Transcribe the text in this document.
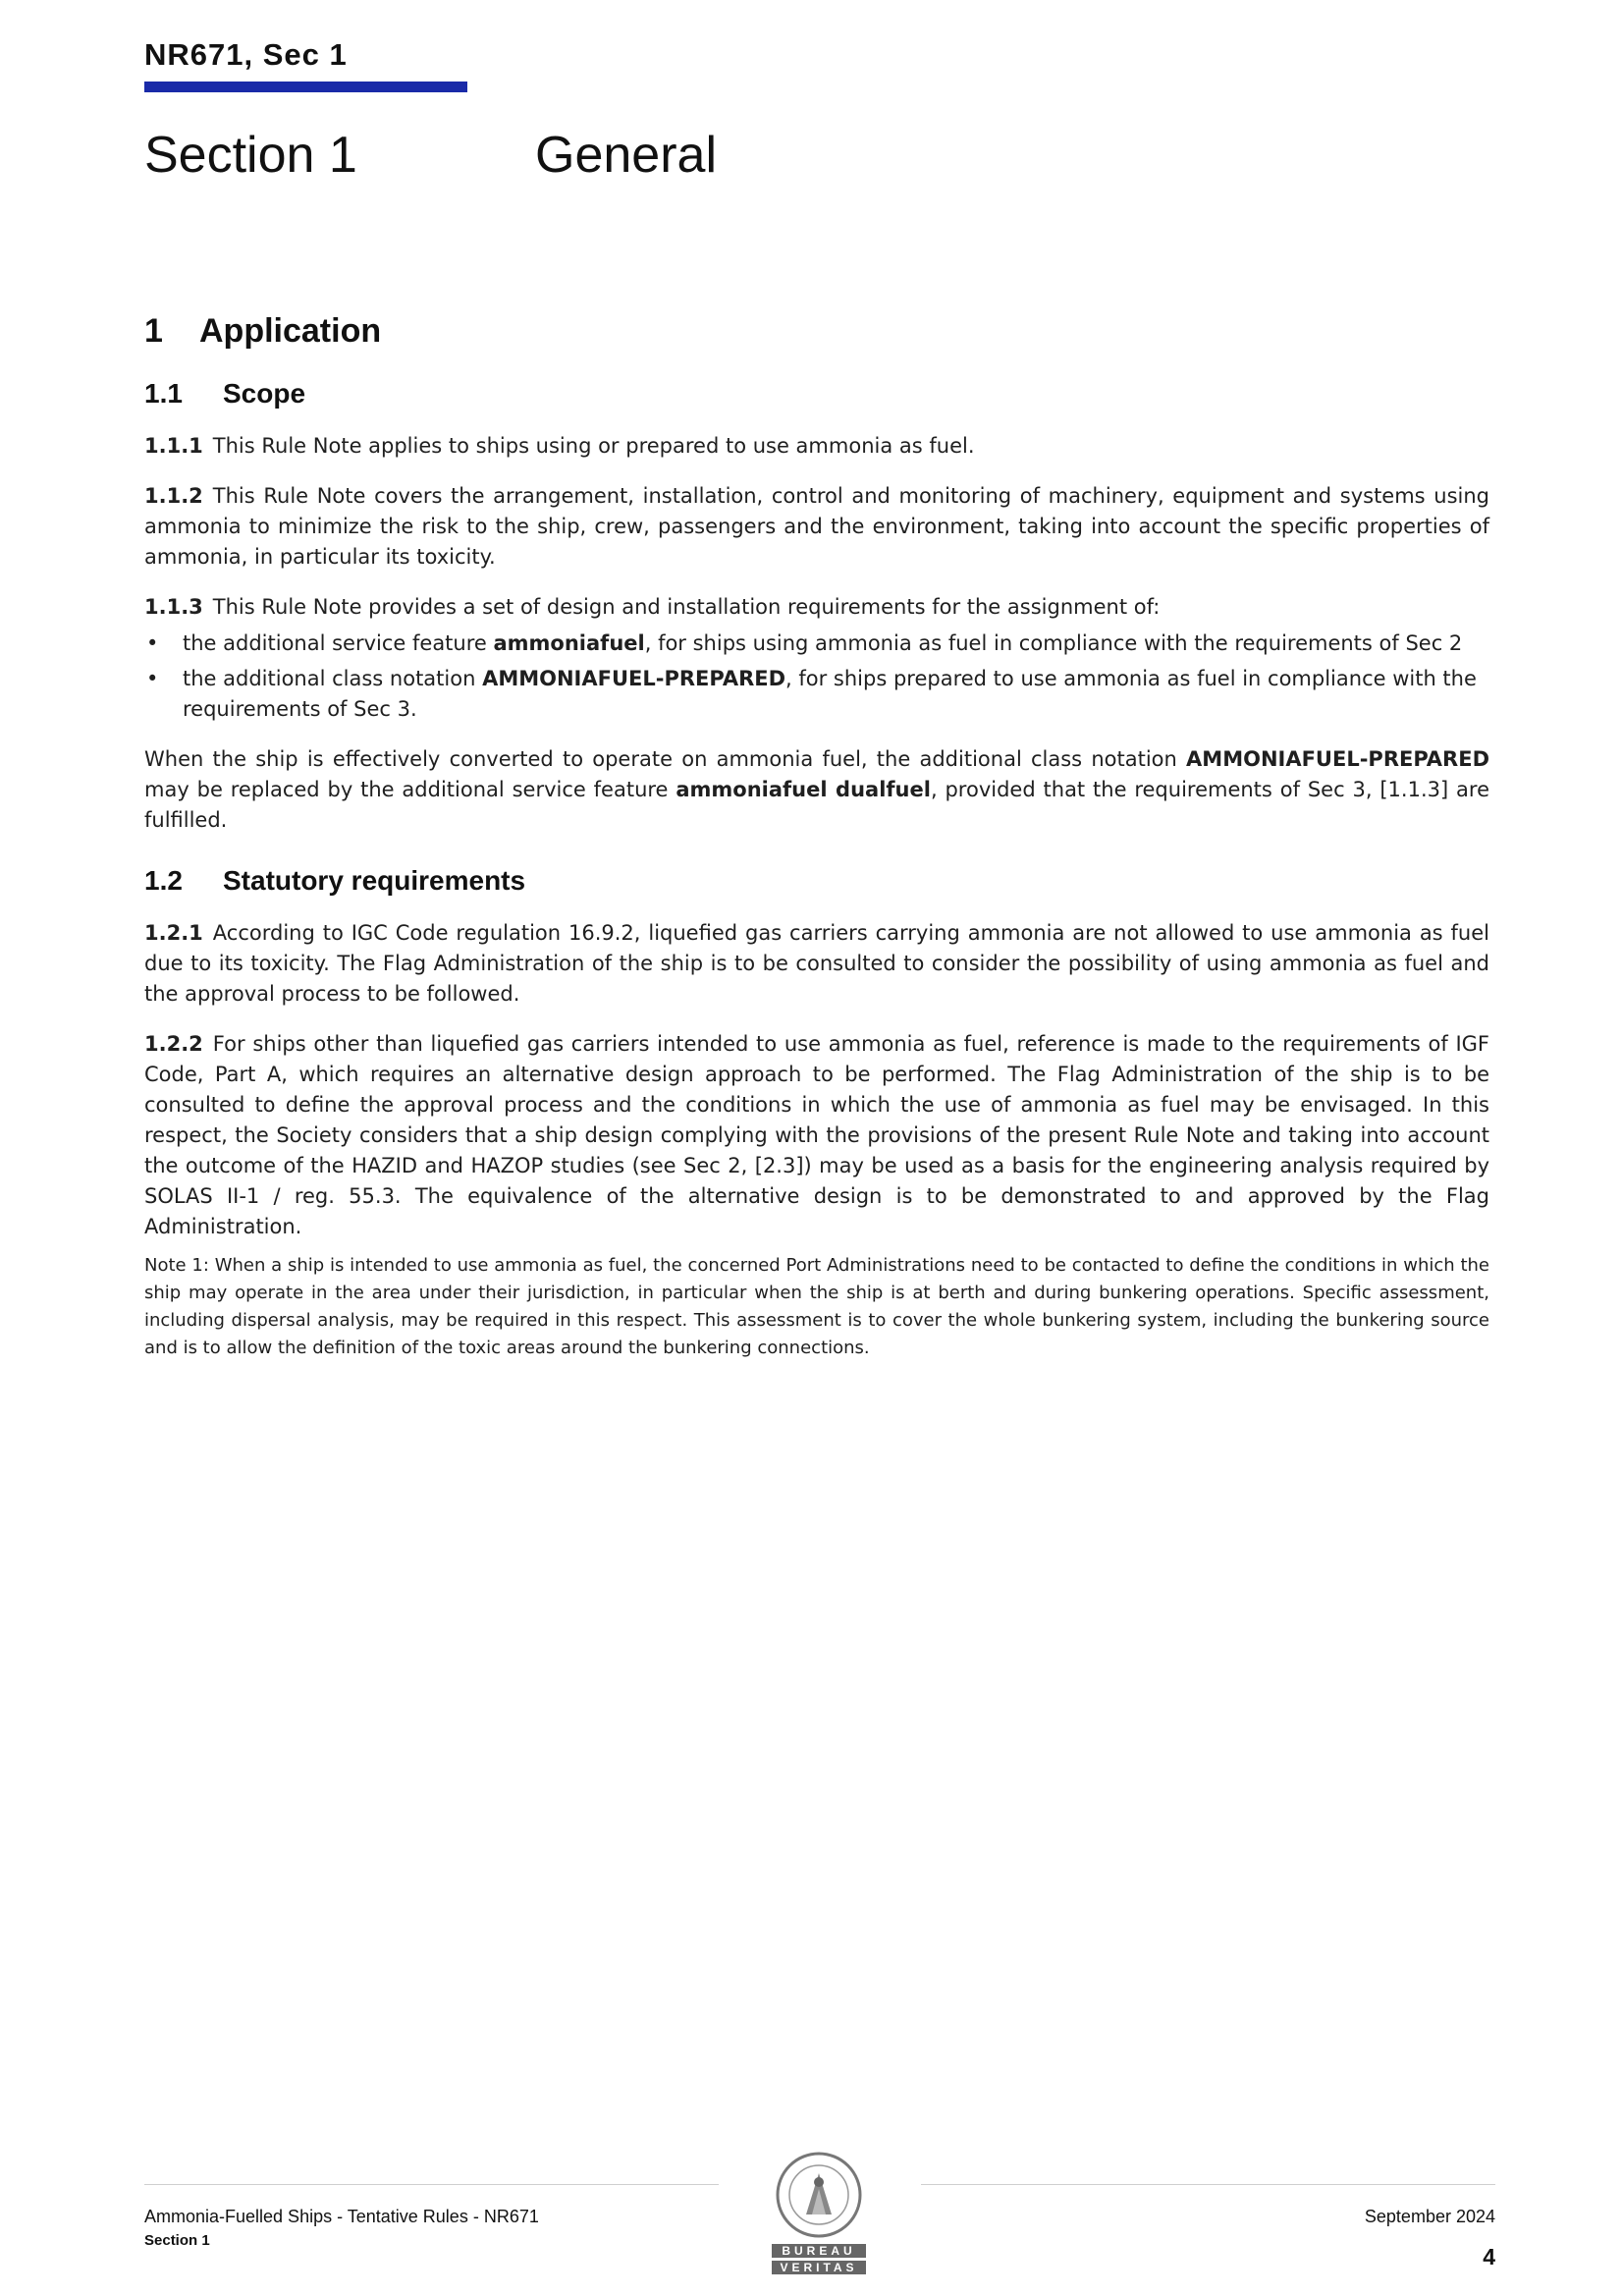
NR671, Sec 1
Section 1	General
1	Application
1.1	Scope

1.1.1 This Rule Note applies to ships using or prepared to use ammonia as fuel.

1.1.2 This Rule Note covers the arrangement, installation, control and monitoring of machinery, equipment and systems using ammonia to minimize the risk to the ship, crew, passengers and the environment, taking into account the specific properties of ammonia, in particular its toxicity.

1.1.3 This Rule Note provides a set of design and installation requirements for the assignment of:

• the additional service feature ammoniafuel, for ships using ammonia as fuel in compliance with the requirements of Sec 2
• the additional class notation AMMONIAFUEL-PREPARED, for ships prepared to use ammonia as fuel in compliance with the requirements of Sec 3.

When the ship is effectively converted to operate on ammonia fuel, the additional class notation AMMONIAFUEL-PREPARED may be replaced by the additional service feature ammoniafuel dualfuel, provided that the requirements of Sec 3, [1.1.3] are fulfilled.

1.2	Statutory requirements

1.2.1 According to IGC Code regulation 16.9.2, liquefied gas carriers carrying ammonia are not allowed to use ammonia as fuel due to its toxicity. The Flag Administration of the ship is to be consulted to consider the possibility of using ammonia as fuel and the approval process to be followed.

1.2.2 For ships other than liquefied gas carriers intended to use ammonia as fuel, reference is made to the requirements of IGF Code, Part A, which requires an alternative design approach to be performed. The Flag Administration of the ship is to be consulted to define the approval process and the conditions in which the use of ammonia as fuel may be envisaged. In this respect, the Society considers that a ship design complying with the provisions of the present Rule Note and taking into account the outcome of the HAZID and HAZOP studies (see Sec 2, [2.3]) may be used as a basis for the engineering analysis required by SOLAS II-1 / reg. 55.3. The equivalence of the alternative design is to be demonstrated to and approved by the Flag Administration.

Note 1: When a ship is intended to use ammonia as fuel, the concerned Port Administrations need to be contacted to define the conditions in which the ship may operate in the area under their jurisdiction, in particular when the ship is at berth and during bunkering operations. Specific assessment, including dispersal analysis, may be required in this respect. This assessment is to cover the whole bunkering system, including the bunkering source and is to allow the definition of the toxic areas around the bunkering connections.

Ammonia-Fuelled Ships - Tentative Rules - NR671
Section 1
September 2024
4
BUREAU
VERITAS
